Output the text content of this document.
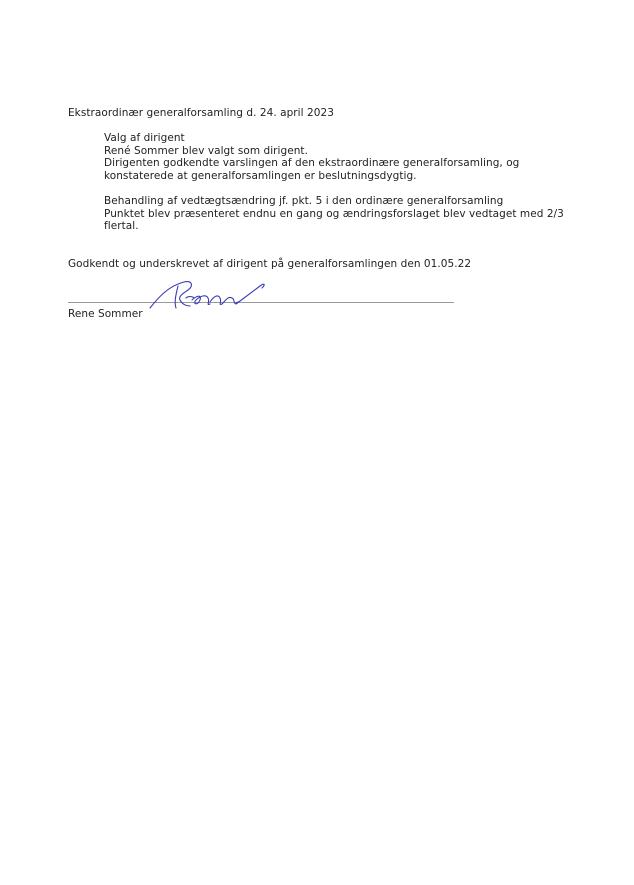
Ekstraordinær generalforsamling d. 24. april 2023
Valg af dirigent
René Sommer blev valgt som dirigent.
Dirigenten godkendte varslingen af den ekstraordinære generalforsamling, og
konstaterede at generalforsamlingen er beslutningsdygtig.
Behandling af vedtægtsændring jf. pkt. 5 i den ordinære generalforsamling
Punktet blev præsenteret endnu en gang og ændringsforslaget blev vedtaget med 2/3
flertal.
Godkendt og underskrevet af dirigent på generalforsamlingen den 01.05.22
Rene Sommer
